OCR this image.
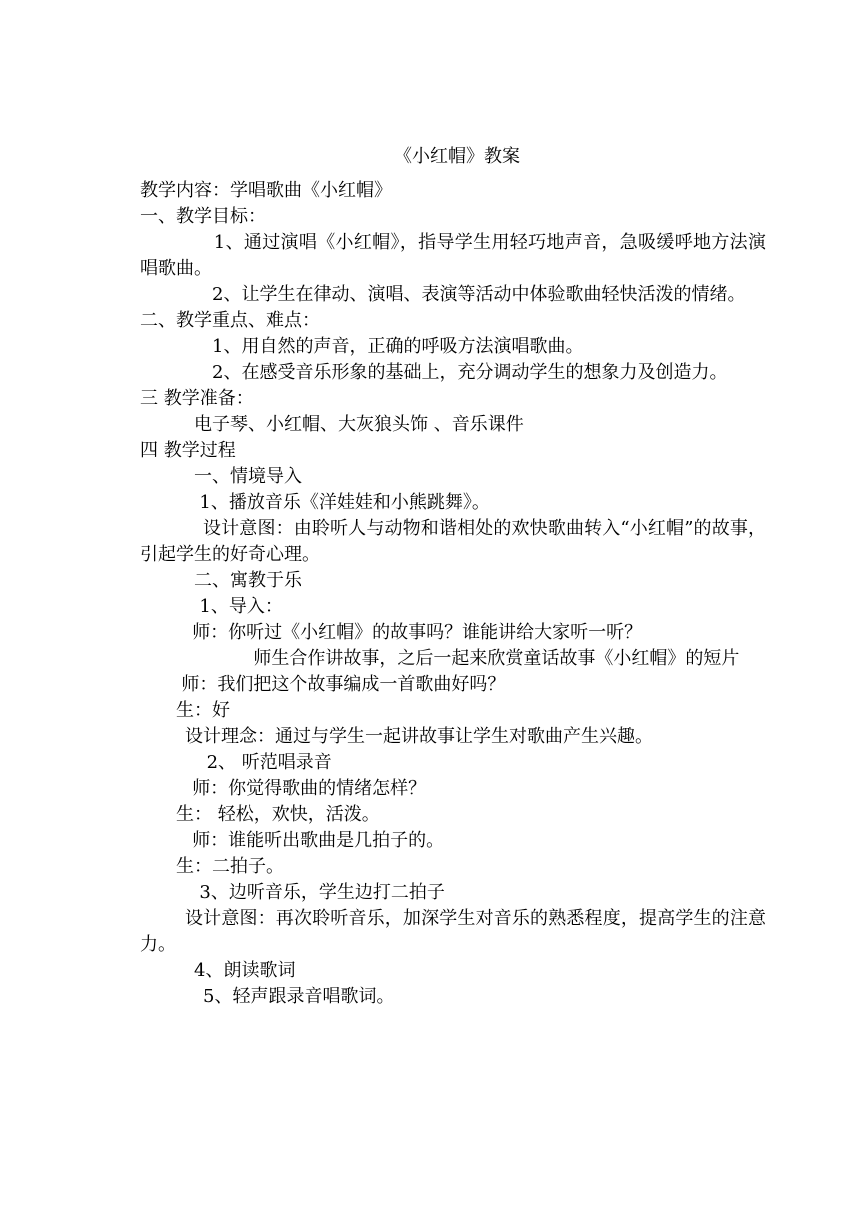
《小红帽》教案

教学内容：学唱歌曲《小红帽》

一、教学目标：

1、通过演唱《小红帽》，指导学生用轻巧地声音，急吸缓呼地方法演唱歌曲。

2、让学生在律动、演唱、表演等活动中体验歌曲轻快活泼的情绪。

二、教学重点、难点：

1、用自然的声音，正确的呼吸方法演唱歌曲。

2、在感受音乐形象的基础上，充分调动学生的想象力及创造力。

三 教学准备：

电子琴、小红帽、大灰狼头饰 、音乐课件

四 教学过程

一、情境导入

1、播放音乐《洋娃娃和小熊跳舞》。

设计意图：由聆听人与动物和谐相处的欢快歌曲转入“小红帽”的故事，引起学生的好奇心理。

二、寓教于乐

1、导入：

师：你听过《小红帽》的故事吗？谁能讲给大家听一听？

师生合作讲故事，之后一起来欣赏童话故事《小红帽》的短片

师：我们把这个故事编成一首歌曲好吗？

生：好

设计理念：通过与学生一起讲故事让学生对歌曲产生兴趣。

2、 听范唱录音

师：你觉得歌曲的情绪怎样？

生： 轻松，欢快，活泼。

师：谁能听出歌曲是几拍子的。

生：二拍子。

3、边听音乐，学生边打二拍子

设计意图：再次聆听音乐，加深学生对音乐的熟悉程度，提高学生的注意力。

4、朗读歌词

5、轻声跟录音唱歌词。
